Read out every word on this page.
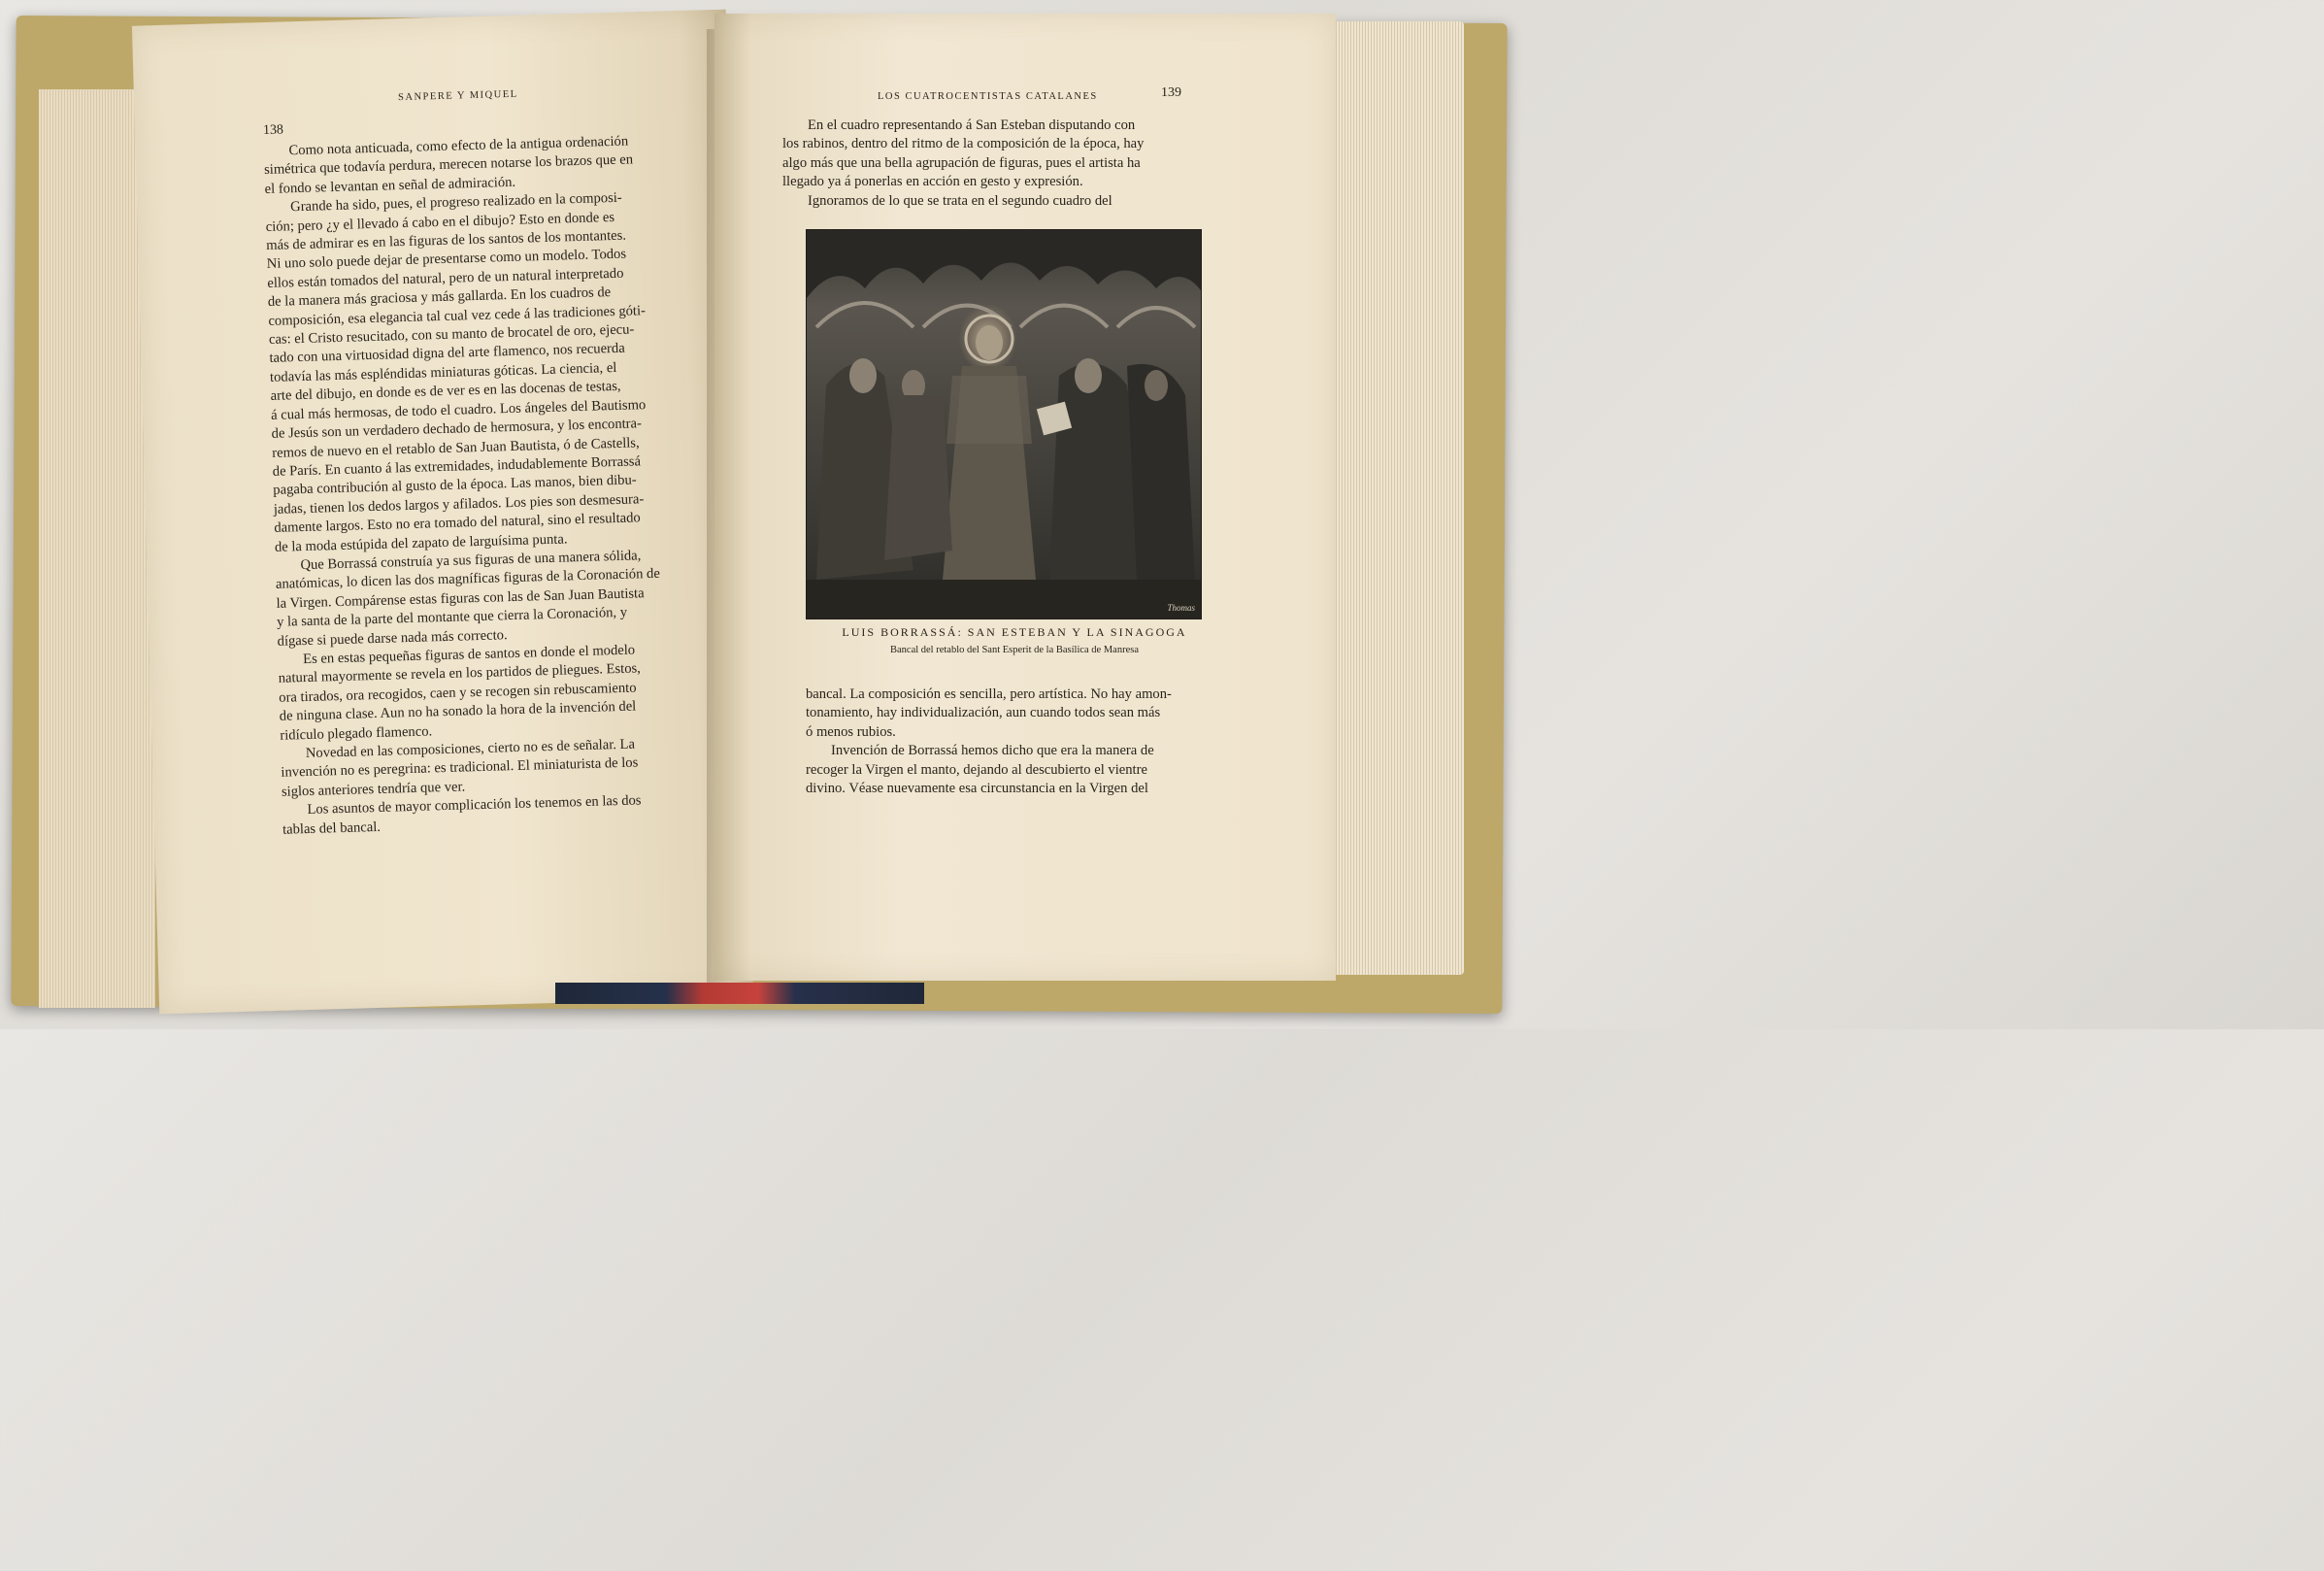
SANPERE Y MIQUEL
138
Como nota anticuada, como efecto de la antigua ordenación
simétrica que todavía perdura, merecen notarse los brazos que en
el fondo se levantan en señal de admiración.
Grande ha sido, pues, el progreso realizado en la composi-
ción; pero ¿y el llevado á cabo en el dibujo? Esto en donde es
más de admirar es en las figuras de los santos de los montantes.
Ni uno solo puede dejar de presentarse como un modelo. Todos
ellos están tomados del natural, pero de un natural interpretado
de la manera más graciosa y más gallarda. En los cuadros de
composición, esa elegancia tal cual vez cede á las tradiciones góti-
cas: el Cristo resucitado, con su manto de brocatel de oro, ejecu-
tado con una virtuosidad digna del arte flamenco, nos recuerda
todavía las más espléndidas miniaturas góticas. La ciencia, el
arte del dibujo, en donde es de ver es en las docenas de testas,
á cual más hermosas, de todo el cuadro. Los ángeles del Bautismo
de Jesús son un verdadero dechado de hermosura, y los encontra-
remos de nuevo en el retablo de San Juan Bautista, ó de Castells,
de París. En cuanto á las extremidades, indudablemente Borrassá
pagaba contribución al gusto de la época. Las manos, bien dibu-
jadas, tienen los dedos largos y afilados. Los pies son desmesura-
damente largos. Esto no era tomado del natural, sino el resultado
de la moda estúpida del zapato de larguísima punta.
Que Borrassá construía ya sus figuras de una manera sólida,
anatómicas, lo dicen las dos magníficas figuras de la Coronación de
la Virgen. Compárense estas figuras con las de San Juan Bautista
y la santa de la parte del montante que cierra la Coronación, y
dígase si puede darse nada más correcto.
Es en estas pequeñas figuras de santos en donde el modelo
natural mayormente se revela en los partidos de pliegues. Estos,
ora tirados, ora recogidos, caen y se recogen sin rebuscamiento
de ninguna clase. Aun no ha sonado la hora de la invención del
ridículo plegado flamenco.
Novedad en las composiciones, cierto no es de señalar. La
invención no es peregrina: es tradicional. El miniaturista de los
siglos anteriores tendría que ver.
Los asuntos de mayor complicación los tenemos en las dos
tablas del bancal.
LOS CUATROCENTISTAS CATALANES	139
En el cuadro representando á San Esteban disputando con
los rabinos, dentro del ritmo de la composición de la época, hay
algo más que una bella agrupación de figuras, pues el artista ha
llegado ya á ponerlas en acción en gesto y expresión.
Ignoramos de lo que se trata en el segundo cuadro del
Thomas
LUIS BORRASSÁ: SAN ESTEBAN Y LA SINAGOGA
Bancal del retablo del Sant Esperit de la Basílica de Manresa
bancal. La composición es sencilla, pero artística. No hay amon-
tonamiento, hay individualización, aun cuando todos sean más
ó menos rubios.
Invención de Borrassá hemos dicho que era la manera de
recoger la Virgen el manto, dejando al descubierto el vientre
divino. Véase nuevamente esa circunstancia en la Virgen del
